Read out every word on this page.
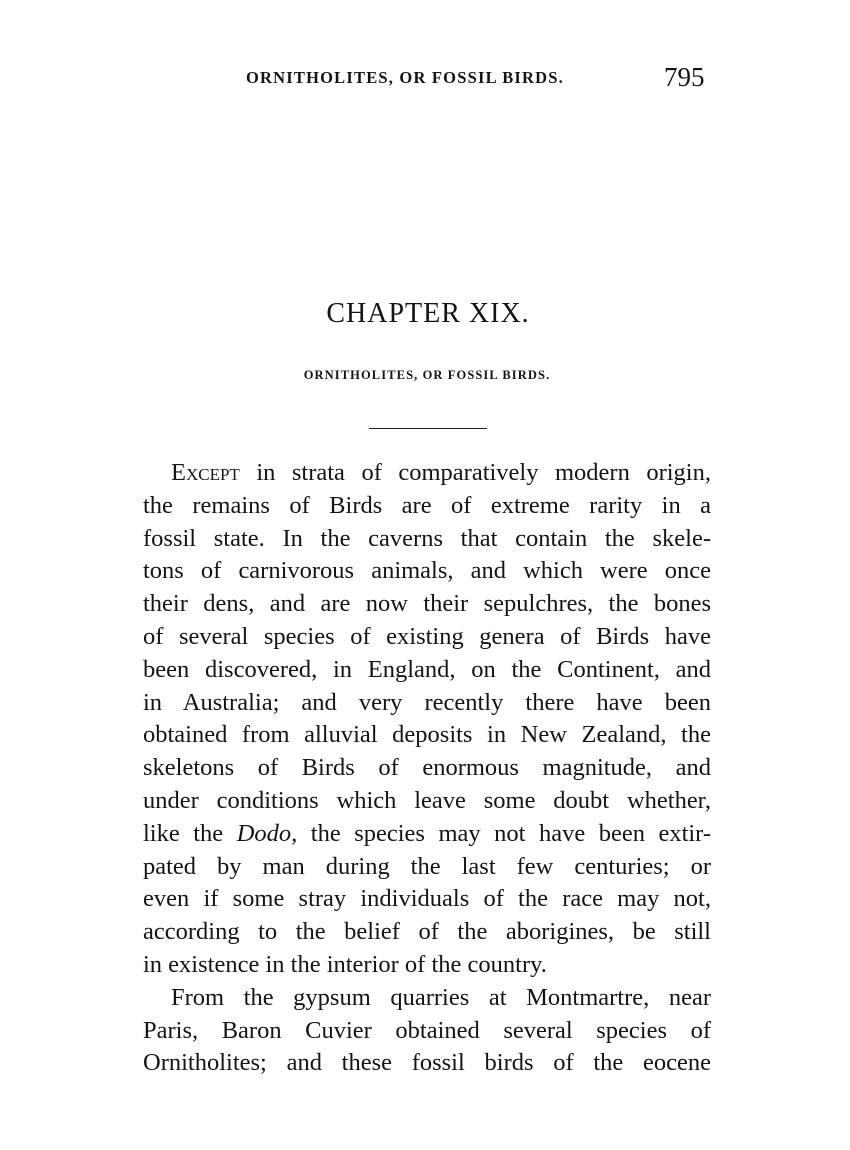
ORNITHOLITES, OR FOSSIL BIRDS.	795
CHAPTER XIX.
ORNITHOLITES, OR FOSSIL BIRDS.
Except in strata of comparatively modern origin,
the remains of Birds are of extreme rarity in a
fossil state. In the caverns that contain the skele-
tons of carnivorous animals, and which were once
their dens, and are now their sepulchres, the bones
of several species of existing genera of Birds have
been discovered, in England, on the Continent, and
in Australia; and very recently there have been
obtained from alluvial deposits in New Zealand, the
skeletons of Birds of enormous magnitude, and
under conditions which leave some doubt whether,
like the Dodo, the species may not have been extir-
pated by man during the last few centuries; or
even if some stray individuals of the race may not,
according to the belief of the aborigines, be still
in existence in the interior of the country.
From the gypsum quarries at Montmartre, near
Paris, Baron Cuvier obtained several species of
Ornitholites; and these fossil birds of the eocene
